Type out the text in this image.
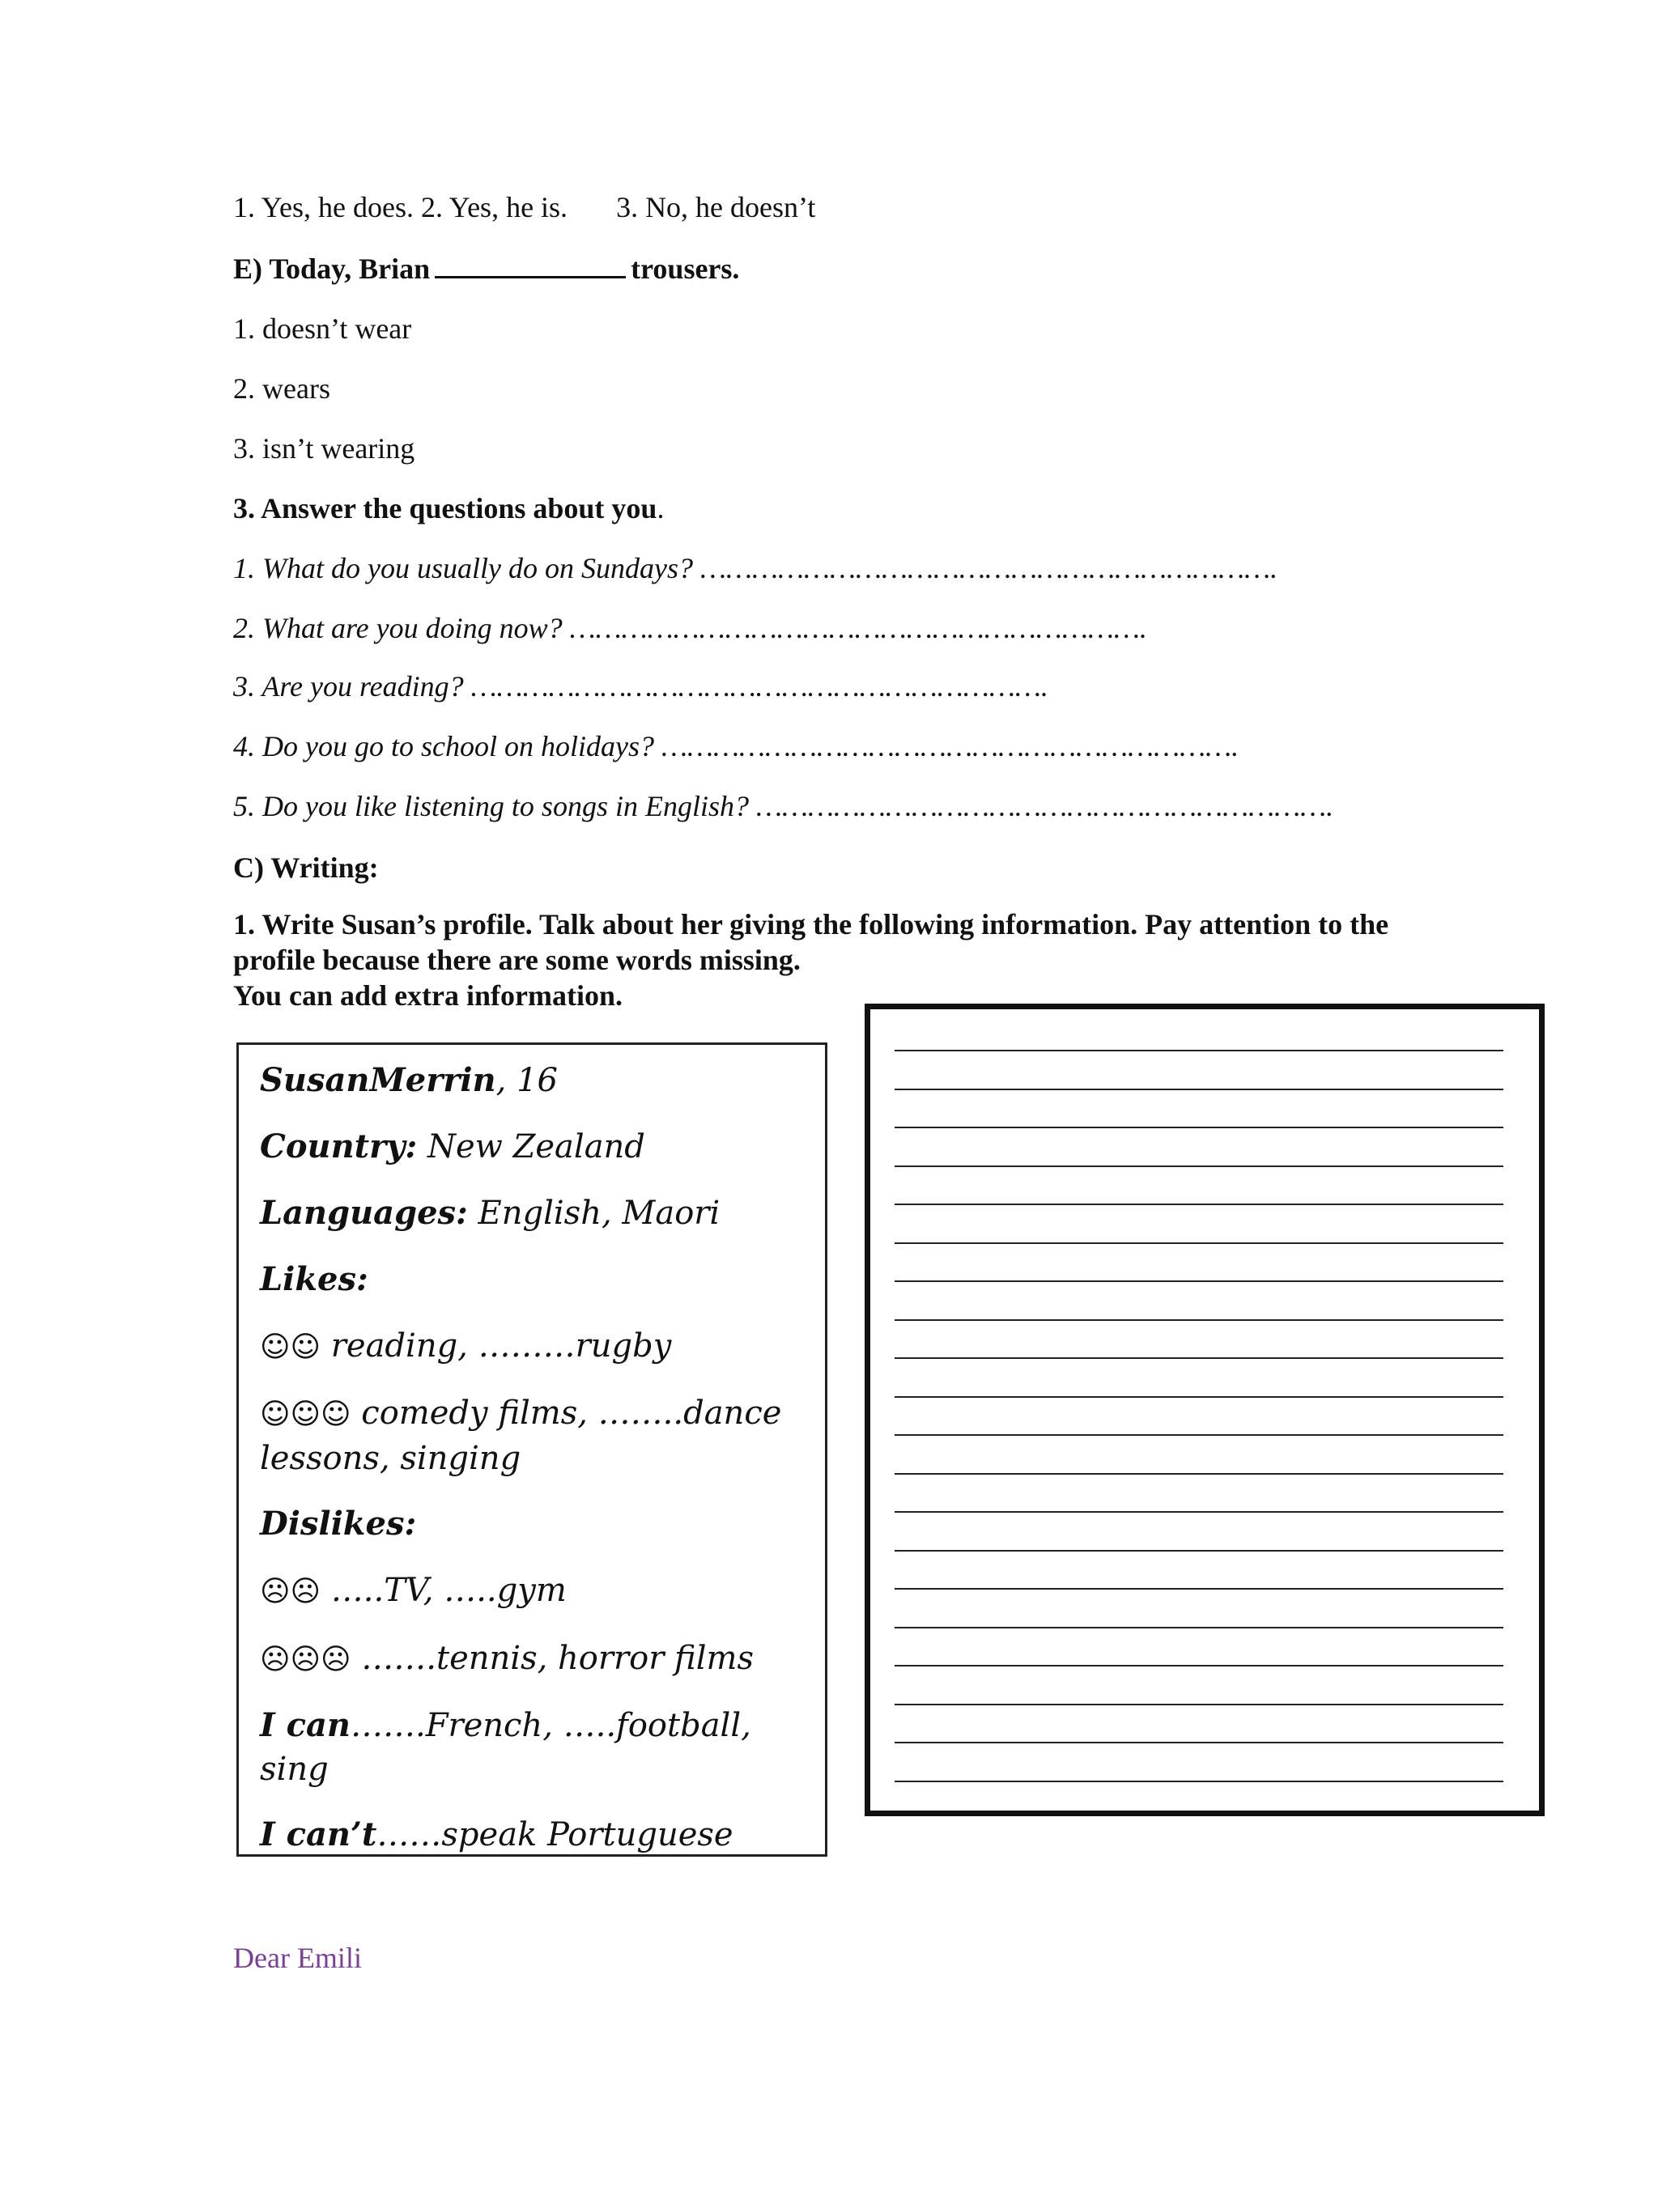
1. Yes, he does. 2. Yes, he is. 3. No, he doesn’t
E) Today, Brian	trousers.
1. doesn’t wear
2. wears
3. isn’t wearing
3. Answer the questions about you.
1. What do you usually do on Sundays? ………………………………………………………….
2. What are you doing now? ………………………………………………………….
3. Are you reading? ………………………………………………………….
4. Do you go to school on holidays? ………………………………………………………….
5. Do you like listening to songs in English? ………………………………………………………….
C) Writing:
1. Write Susan’s profile. Talk about her giving the following information. Pay attention to the
profile because there are some words missing.
You can add extra information.
SusanMerrin, 16
Country: New Zealand
Languages: English, Maori
Likes:
☺☺ reading, ………rugby
☺☺☺ comedy films, ……..dance lessons, singing
Dislikes:
☹☹ …..TV, …..gym
☹☹☹ …….tennis, horror films
I can…….French, …..football, sing
I can’t……speak Portuguese
Dear Emili
